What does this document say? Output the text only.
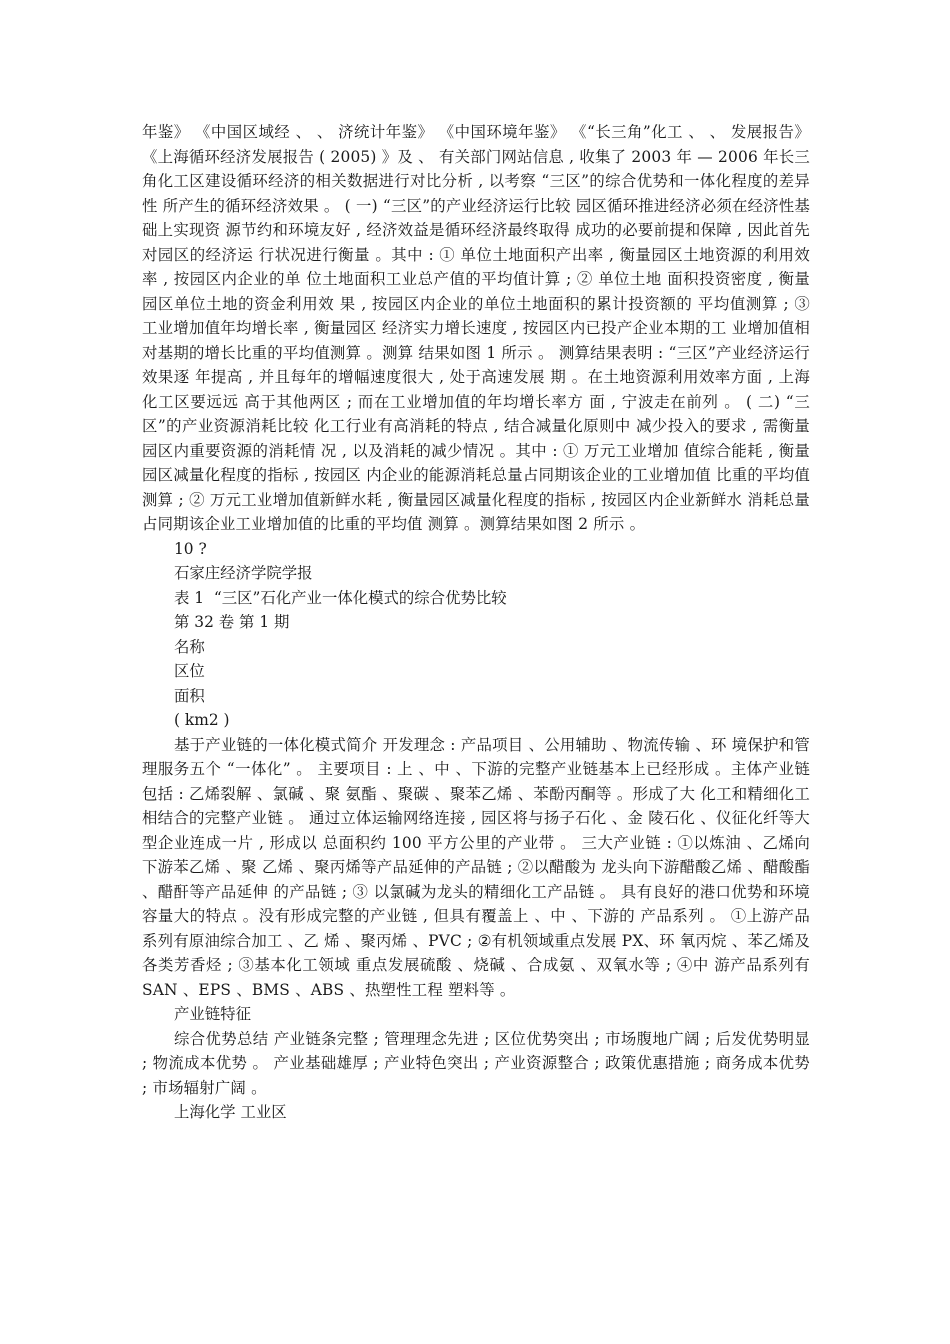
年鉴》 《中国区域经 、 、 济统计年鉴》 《中国环境年鉴》 《“长三角”化工 、 、 发展报告》 《上海循环经济发展报告 ( 2005) 》及 、 有关部门网站信息 , 收集了 2003 年 — 2006 年长三 角化工区建设循环经济的相关数据进行对比分析 , 以考察 “三区”的综合优势和一体化程度的差异性 所产生的循环经济效果 。 ( 一) “三区”的产业经济运行比较 园区循环推进经济必须在经济性基础上实现资 源节约和环境友好 , 经济效益是循环经济最终取得 成功的必要前提和保障 , 因此首先对园区的经济运 行状况进行衡量 。其中 : ① 单位土地面积产出率 , 衡量园区土地资源的利用效率 , 按园区内企业的单 位土地面积工业总产值的平均值计算 ; ② 单位土地 面积投资密度 , 衡量园区单位土地的资金利用效 果 , 按园区内企业的单位土地面积的累计投资额的 平均值测算 ; ③ 工业增加值年均增长率 , 衡量园区 经济实力增长速度 , 按园区内已投产企业本期的工 业增加值相对基期的增长比重的平均值测算 。测算 结果如图 1 所示 。 测算结果表明 : “三区”产业经济运行效果逐 年提高 , 并且每年的增幅速度很大 , 处于高速发展 期 。在土地资源利用效率方面 , 上海化工区要远远 高于其他两区 ; 而在工业增加值的年均增长率方 面 , 宁波走在前列 。 ( 二) “三区”的产业资源消耗比较 化工行业有高消耗的特点 , 结合减量化原则中 减少投入的要求 , 需衡量园区内重要资源的消耗情 况 , 以及消耗的减少情况 。其中 : ① 万元工业增加 值综合能耗 , 衡量园区减量化程度的指标 , 按园区 内企业的能源消耗总量占同期该企业的工业增加值 比重的平均值测算 ; ② 万元工业增加值新鲜水耗 , 衡量园区减量化程度的指标 , 按园区内企业新鲜水 消耗总量占同期该企业工业增加值的比重的平均值 测算 。测算结果如图 2 所示 。

10 ?

石家庄经济学院学报

表 1  “三区”石化产业一体化模式的综合优势比较

第 32 卷 第 1 期

名称

区位

面积

( km2 )

基于产业链的一体化模式简介 开发理念 : 产品项目 、公用辅助 、物流传输 、环 境保护和管理服务五个 “一体化” 。 主要项目 : 上 、中 、下游的完整产业链基本上已经形成 。主体产业链包括 : 乙烯裂解 、氯碱 、聚 氨酯 、聚碳 、聚苯乙烯 、苯酚丙酮等 。形成了大 化工和精细化工相结合的完整产业链 。 通过立体运输网络连接 , 园区将与扬子石化 、金 陵石化 、仪征化纤等大型企业连成一片 , 形成以 总面积约 100 平方公里的产业带 。 三大产业链 : ①以炼油 、乙烯向下游苯乙烯 、聚 乙烯 、聚丙烯等产品延伸的产品链 ; ②以醋酸为 龙头向下游醋酸乙烯 、醋酸酯 、醋酐等产品延伸 的产品链 ; ③ 以氯碱为龙头的精细化工产品链 。 具有良好的港口优势和环境容量大的特点 。没有形成完整的产业链 , 但具有覆盖上 、中 、下游的 产品系列 。 ①上游产品系列有原油综合加工 、乙 烯 、聚丙烯 、PVC ; ②有机领域重点发展 PX、环 氧丙烷 、苯乙烯及各类芳香烃 ; ③基本化工领域 重点发展硫酸 、烧碱 、合成氨 、双氧水等 ; ④中 游产品系列有 SAN 、EPS 、BMS 、ABS 、热塑性工程 塑料等 。

产业链特征

综合优势总结 产业链条完整 ; 管理理念先进 ; 区位优势突出 ; 市场腹地广阔 ; 后发优势明显 ; 物流成本优势 。 产业基础雄厚 ; 产业特色突出 ; 产业资源整合 ; 政策优惠措施 ; 商务成本优势 ; 市场辐射广阔 。

上海化学 工业区
